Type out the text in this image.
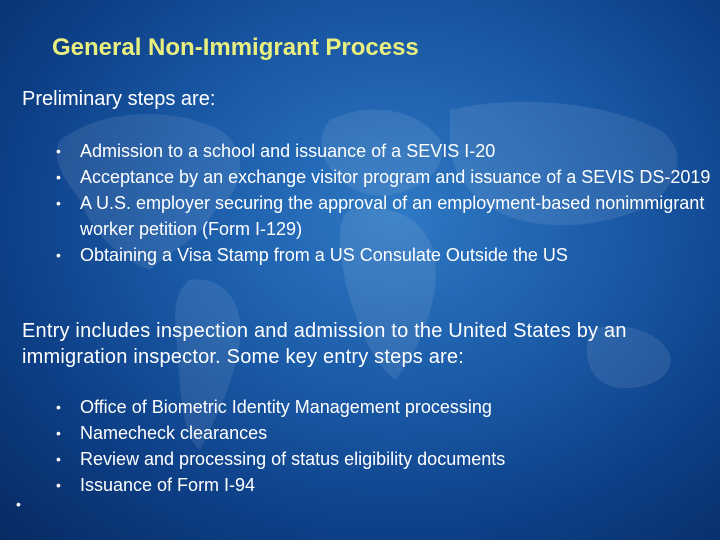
General Non-Immigrant Process
Preliminary steps are:
• Admission to a school and issuance of a SEVIS I-20
• Acceptance by an exchange visitor program and issuance of a SEVIS DS-2019
• A U.S. employer securing the approval of an employment-based nonimmigrant worker petition (Form I-129)
• Obtaining a Visa Stamp from a US Consulate Outside the US
Entry includes inspection and admission to the United States by an immigration inspector. Some key entry steps are:
• Office of Biometric Identity Management processing
• Namecheck clearances
• Review and processing of status eligibility documents
• Issuance of Form I-94
•
